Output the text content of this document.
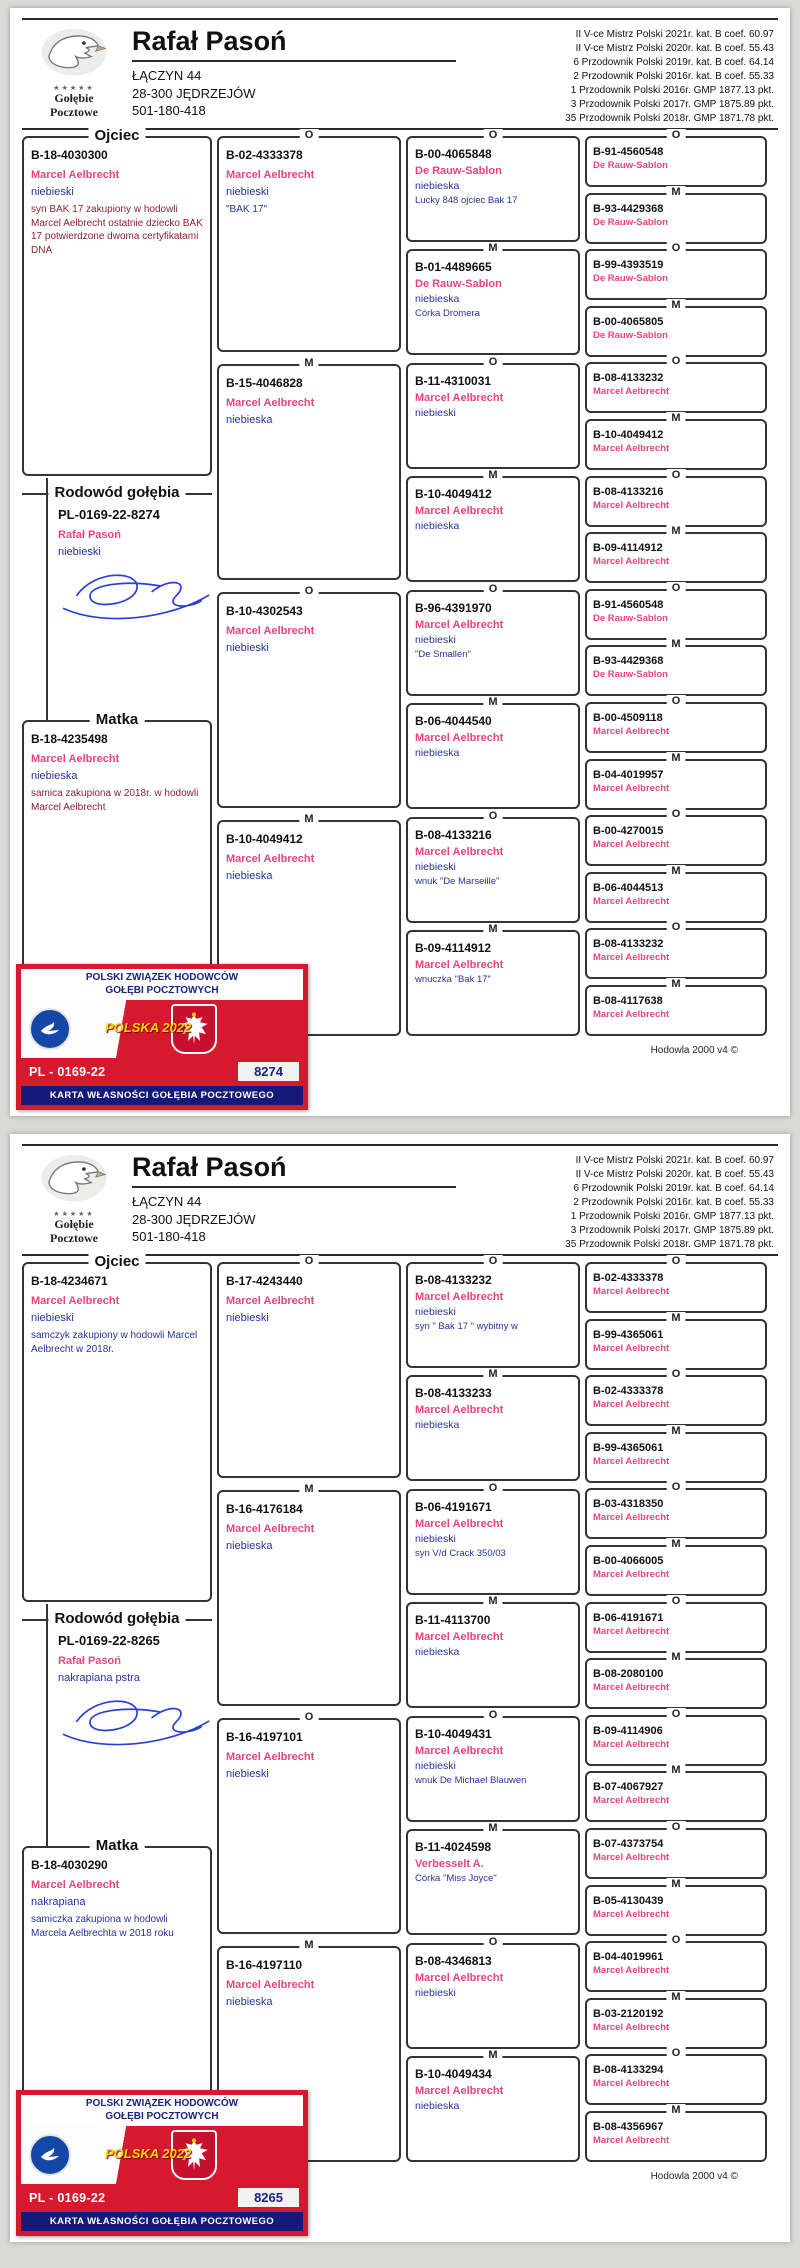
★★★★★
Gołębie
Pocztowe
Rafał Pasoń
ŁĄCZYN 44
28-300 JĘDRZEJÓW
501-180-418
II V-ce Mistrz Polski 2021r. kat. B coef. 60.97
II V-ce Mistrz Polski 2020r. kat. B coef. 55.43
6 Przodownik Polski 2019r. kat. B coef. 64.14
2 Przodownik Polski 2016r. kat. B coef. 55.33
1 Przodownik Polski 2016r. GMP 1877.13 pkt.
3 Przodownik Polski 2017r. GMP 1875.89 pkt.
35 Przodownik Polski 2018r. GMP 1871.78 pkt.
Ojciec
B-18-4030300
Marcel Aelbrecht
niebieski
syn BAK 17 zakupiony w hodowli Marcel Aelbrecht ostatnie dziecko BAK 17 potwierdzone dwoma certyfikatami DNA
Rodowód gołębia
PL-0169-22-8274
Rafał Pasoń
niebieski
Matka
B-18-4235498
Marcel Aelbrecht
niebieska
samica zakupiona w 2018r. w hodowli Marcel Aelbrecht
O
B-02-4333378
Marcel Aelbrecht
niebieski
"BAK 17"
M
B-15-4046828
Marcel Aelbrecht
niebieska
O
B-10-4302543
Marcel Aelbrecht
niebieski
M
B-10-4049412
Marcel Aelbrecht
niebieska
O
B-00-4065848
De Rauw-Sablon
niebieska
Lucky 848 ojciec Bak 17
M
B-01-4489665
De Rauw-Sablon
niebieska
Córka Dromera
O
B-11-4310031
Marcel Aelbrecht
niebieski
M
B-10-4049412
Marcel Aelbrecht
niebieska
O
B-96-4391970
Marcel Aelbrecht
niebieski
"De Smallen"
M
B-06-4044540
Marcel Aelbrecht
niebieska
O
B-08-4133216
Marcel Aelbrecht
niebieski
wnuk "De Marseille"
M
B-09-4114912
Marcel Aelbrecht
wnuczka "Bak 17"
O
B-91-4560548
De Rauw-Sablon
M
B-93-4429368
De Rauw-Sablon
O
B-99-4393519
De Rauw-Sablon
M
B-00-4065805
De Rauw-Sablon
O
B-08-4133232
Marcel Aelbrecht
M
B-10-4049412
Marcel Aelbrecht
O
B-08-4133216
Marcel Aelbrecht
M
B-09-4114912
Marcel Aelbrecht
O
B-91-4560548
De Rauw-Sablon
M
B-93-4429368
De Rauw-Sablon
O
B-00-4509118
Marcel Aelbrecht
M
B-04-4019957
Marcel Aelbrecht
O
B-00-4270015
Marcel Aelbrecht
M
B-06-4044513
Marcel Aelbrecht
O
B-08-4133232
Marcel Aelbrecht
M
B-08-4117638
Marcel Aelbrecht
POLSKI ZWIĄZEK HODOWCÓW
GOŁĘBI POCZTOWYCH
POLSKA 2022
PL - 0169-22	8274
KARTA WŁASNOŚCI GOŁĘBIA POCZTOWEGO
Hodowla 2000 v4 ©
★★★★★
Gołębie
Pocztowe
Rafał Pasoń
ŁĄCZYN 44
28-300 JĘDRZEJÓW
501-180-418
II V-ce Mistrz Polski 2021r. kat. B coef. 60.97
II V-ce Mistrz Polski 2020r. kat. B coef. 55.43
6 Przodownik Polski 2019r. kat. B coef. 64.14
2 Przodownik Polski 2016r. kat. B coef. 55.33
1 Przodownik Polski 2016r. GMP 1877.13 pkt.
3 Przodownik Polski 2017r. GMP 1875.89 pkt.
35 Przodownik Polski 2018r. GMP 1871.78 pkt.
Ojciec
B-18-4234671
Marcel Aelbrecht
niebieski
samczyk zakupiony w hodowli Marcel Aelbrecht w 2018r.
Rodowód gołębia
PL-0169-22-8265
Rafał Pasoń
nakrapiana pstra
Matka
B-18-4030290
Marcel Aelbrecht
nakrapiana
samiczka zakupiona w hodowli Marcela Aelbrechta w 2018 roku
O
B-17-4243440
Marcel Aelbrecht
niebieski
M
B-16-4176184
Marcel Aelbrecht
niebieska
O
B-16-4197101
Marcel Aelbrecht
niebieski
M
B-16-4197110
Marcel Aelbrecht
niebieska
O
B-08-4133232
Marcel Aelbrecht
niebieski
syn " Bak 17 " wybitny w
M
B-08-4133233
Marcel Aelbrecht
niebieska
O
B-06-4191671
Marcel Aelbrecht
niebieski
syn V/d Crack 350/03
M
B-11-4113700
Marcel Aelbrecht
niebieska
O
B-10-4049431
Marcel Aelbrecht
niebieski
wnuk De Michael Blauwen
M
B-11-4024598
Verbesselt A.
Córka "Miss Joyce"
O
B-08-4346813
Marcel Aelbrecht
niebieski
M
B-10-4049434
Marcel Aelbrecht
niebieska
O
B-02-4333378
Marcel Aelbrecht
M
B-99-4365061
Marcel Aelbrecht
O
B-02-4333378
Marcel Aelbrecht
M
B-99-4365061
Marcel Aelbrecht
O
B-03-4318350
Marcel Aelbrecht
M
B-00-4066005
Marcel Aelbrecht
O
B-06-4191671
Marcel Aelbrecht
M
B-08-2080100
Marcel Aelbrecht
O
B-09-4114906
Marcel Aelbrecht
M
B-07-4067927
Marcel Aelbrecht
O
B-07-4373754
Marcel Aelbrecht
M
B-05-4130439
Marcel Aelbrecht
O
B-04-4019961
Marcel Aelbrecht
M
B-03-2120192
Marcel Aelbrecht
O
B-08-4133294
Marcel Aelbrecht
M
B-08-4356967
Marcel Aelbrecht
POLSKI ZWIĄZEK HODOWCÓW
GOŁĘBI POCZTOWYCH
POLSKA 2022
PL - 0169-22	8265
KARTA WŁASNOŚCI GOŁĘBIA POCZTOWEGO
Hodowla 2000 v4 ©
